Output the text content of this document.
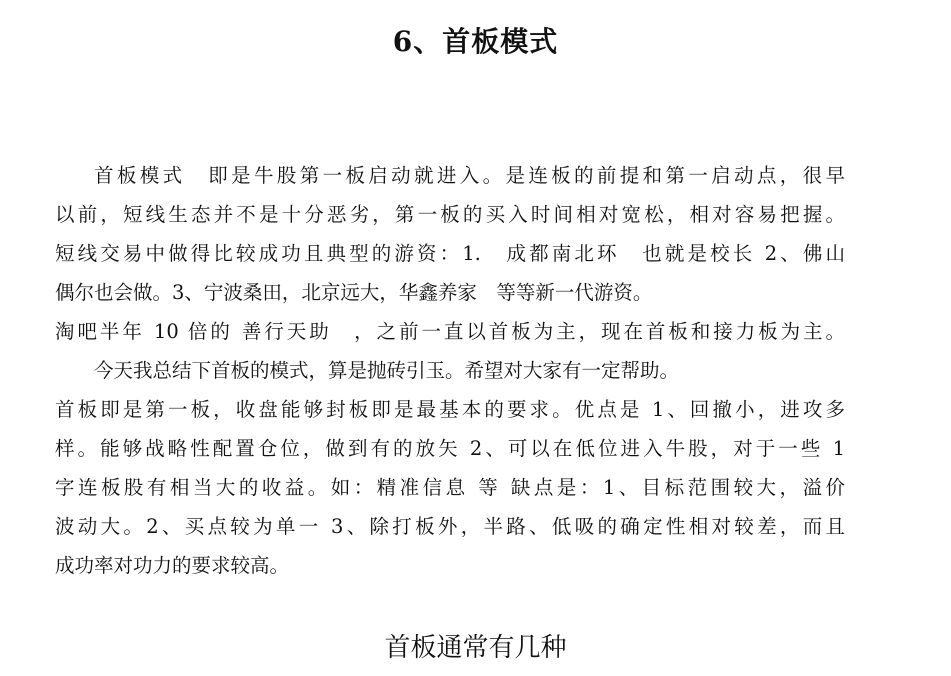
6、首板模式
首板模式　即是牛股第一板启动就进入。是连板的前提和第一启动点，很早
以前，短线生态并不是十分恶劣，第一板的买入时间相对宽松，相对容易把握。
短线交易中做得比较成功且典型的游资：1.　成都南北环　也就是校长 2、佛山
偶尔也会做。3、宁波桑田，北京远大，华鑫养家　等等新一代游资。
淘吧半年 10 倍的 善行天助　，之前一直以首板为主，现在首板和接力板为主。
今天我总结下首板的模式，算是抛砖引玉。希望对大家有一定帮助。
首板即是第一板，收盘能够封板即是最基本的要求。优点是 1、回撤小，进攻多
样。能够战略性配置仓位，做到有的放矢 2、可以在低位进入牛股，对于一些 1
字连板股有相当大的收益。如：精准信息 等 缺点是：1、目标范围较大，溢价
波动大。2、买点较为单一 3、除打板外，半路、低吸的确定性相对较差，而且
成功率对功力的要求较高。
首板通常有几种
